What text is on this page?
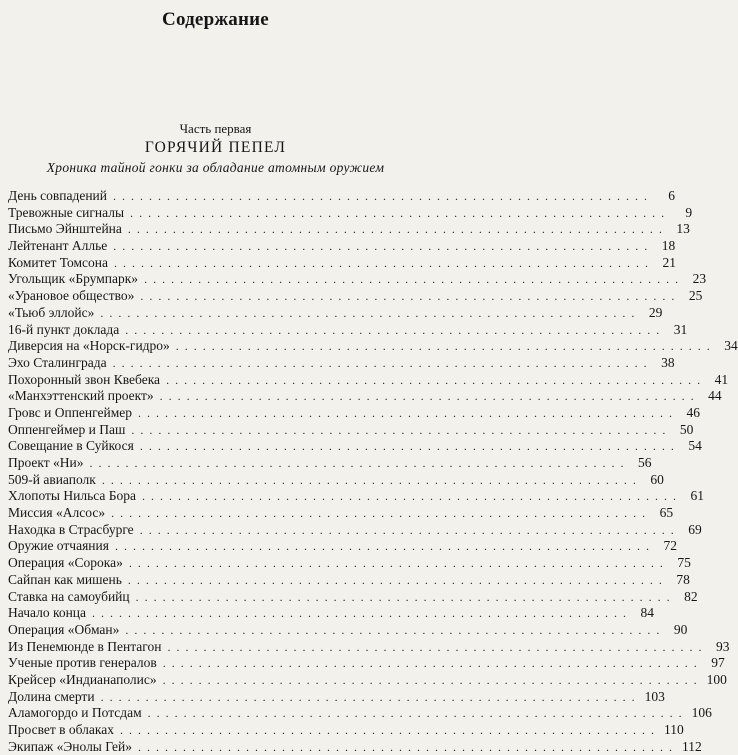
Содержание
Часть первая
ГОРЯЧИЙ ПЕПЕЛ
Хроника тайной гонки за обладание атомным оружием
День совпадений ............................................................	6
Тревожные сигналы ............................................................	9
Письмо Эйнштейна ............................................................ 13
Лейтенант Аллье ............................................................ 18
Комитет Томсона ............................................................ 21
Угольщик «Брумпарк» ............................................................ 23
«Урановое общество» ............................................................ 25
«Тьюб эллойс» ............................................................ 29
16-й пункт доклада ............................................................ 31
Диверсия на «Норск-гидро» ............................................................ 34
Эхо Сталинграда ............................................................ 38
Похоронный звон Квебека ............................................................ 41
«Манхэттенский проект» ............................................................ 44
Гровс и Оппенгеймер ............................................................ 46
Оппенгеймер и Паш ............................................................ 50
Совещание в Суйкося ............................................................ 54
Проект «Ни» ............................................................ 56
509-й авиаполк ............................................................ 60
Хлопоты Нильса Бора ............................................................ 61
Миссия «Алсос» ............................................................ 65
Находка в Страсбурге ............................................................ 69
Оружие отчаяния ............................................................ 72
Операция «Сорока» ............................................................ 75
Сайпан как мишень ............................................................ 78
Ставка на самоубийц ............................................................ 82
Начало конца ............................................................ 84
Операция «Обман» ............................................................ 90
Из Пенемюнде в Пентагон ............................................................ 93
Ученые против генералов ............................................................ 97
Крейсер «Индианаполис» ............................................................ 100
Долина смерти ............................................................ 103
Аламогордо и Потсдам ............................................................ 106
Просвет в облаках ............................................................ 110
Экипаж «Энолы Гей» ............................................................ 112
